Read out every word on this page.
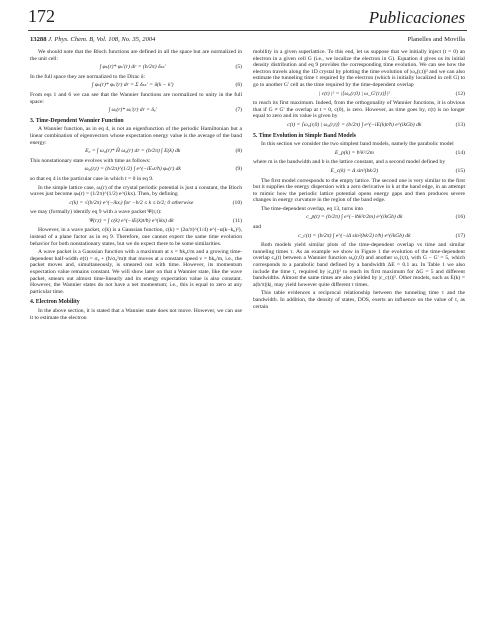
172	Publicaciones
13288 J. Phys. Chem. B, Vol. 108, No. 35, 2004	Planelles and Movilla

We should note that the Bloch functions are defined in all the space but are normalized in the unit cell:

∫ φₖ(r)* φₖ'(r) dr = (b/2π) δₖₖ'	(5)

In the full space they are normalized to the Dirac δ:

∫ φₖ(r)* φₖ'(r) dr = Σ δₖₖ' = δ(k − k')	(6)

From eqs 1 and 6 we can see that the Wannier functions are normalized to unity in the full space:

∫ ωᵢ(r)* ωᵢ'(r) dr = δᵢᵢ'	(7)
3. Time-Dependent Wannier Function

A Wannier function, as in eq 4, is not an eigenfunction of the periodic Hamiltonian but a linear combination of eigenvectors whose expectation energy value is the average of the band energy:

E₀ = ∫ ω₀(r)* Ĥ ω₀(r) dr = (b/2π) ∫ E(k) dk	(8)

This nonstationary state evolves with time as follows:

ω₀(r,t) = (b/2π)^(1/2) ∫ e^(−iEₖt/ħ) φₖ(r) dk	(9)

so that eq 4 is the particular case in which t = 0 in eq 9.

In the simple lattice case, ωᵢ(r) of the crystal periodic potential is just a constant, the Bloch waves just become φₖ(r) = (1/2π)^(1/2) e^(ikx). Then, by defining

c(k) = √(b/2π) e^(−ikxᵢ) for −b/2 ≤ k ≤ b/2; 0 otherwise	(10)

we may (formally) identify eq 9 with a wave packet Ψ(r,t):

Ψ(r,t) = ∫ c(k) e^(−iE(k)t/ħ) e^(ikx) dk	(11)

However, in a wave packet, c(k) is a Gaussian function, c(k) = (2α/π)^(1/4) e^(−α(k−k₀)²), instead of a plane factor as in eq 9. Therefore, one cannot expect the same time evolution behavior for both nonstationary states, but we do expect there to be some similarities.

A wave packet is a Gaussian function with a maximum at x = ħk₀t/m and a growing time-dependent half-width σ(t) = σ₀ + (ħ/σ₀²m)t that moves at a constant speed v = ħk₀/m, i.e., the packet moves and, simultaneously, is smeared out with time. However, its momentum expectation value remains constant. We will show later on that a Wannier state, like the wave packet, smears out almost time-linearly and its energy expectation value is also constant. However, the Wannier states do not have a net momentum; i.e., this is equal to zero at any particular time.

4. Electron Mobility

In the above section, it is stated that a Wannier state does not move. However, we can use it to estimate the electron

mobility in a given superlattice. To this end, let us suppose that we initially inject (t = 0) an electron in a given cell G (i.e., we localize the electron in G). Equation 4 gives us its initial density distribution and eq 9 provides the corresponding time evolution. We can see how the electron travels along the 1D crystal by plotting the time evolution of |ω₀(r,t)|² and we can also estimate the tunneling time τ required by the electron (which is initially localized in cell G) to go to another G' cell as the time required by the time-dependent overlap

| c(t) |² = |⟨ω₀(r,0) | ω_G'(r,t)⟩|²	(12)

to reach its first maximum. Indeed, from the orthogonality of Wannier functions, it is obvious that if G ≠ G' the overlap at t = 0, c(0), is zero. However, as time goes by, c(t) is no longer equal to zero and its value is given by

c(t) = ⟨ω₀(r,0) | ω₀(r,t)⟩ = (b/2π) ∫ e^(−iE(k)t/ħ) e^(ikGb) dk	(13)
5. Time Evolution in Simple Band Models

In this section we consider the two simplest band models, namely the parabolic model

E_p(k) = ħ²k²/2m	(14)

where m is the bandwidth and b is the lattice constant, and a second model defined by

E_c(k) = Δ sin²(bk/2)	(15)

The first model corresponds to the empty lattice. The second one is very similar to the first but it supplies the energy dispersion with a zero derivative in k at the band edge, in an attempt to mimic how the periodic lattice potential opens energy gaps and then produces severe changes in energy curvature in the region of the band edge.

The time-dependent overlap, eq 13, turns into

c_p(t) = (b/2π) ∫ e^(−iħk²t/2m) e^(ikGb) dk	(16)

and

c_c(t) = (b/2π) ∫ e^(−iΔ sin²(bk/2) t/ħ) e^(ikGb) dk	(17)

Both models yield similar plots of the time-dependent overlap vs time and similar tunneling times τ. As an example we show in Figure 1 the evolution of the time-dependent overlap c₀(t) between a Wannier function ω₀(r,0) and another ω₁(r,t), with G − G' = 5, which corresponds to a parabolic band defined by a bandwidth ΔE = 0.1 au. In Table 1 we also include the time τ₁ required by |c₀(t)|² to reach its first maximum for ΔG = 5 and different bandwidths. Almost the same times are also yielded by |c_c(t)|². Other models, such as E(k) = a(b/π)|k|, may yield however quite different τ times.

This table evidences a reciprocal relationship between the tunneling time τ and the bandwidth. In addition, the density of states, DOS, exerts an influence on the value of τ, as certain
